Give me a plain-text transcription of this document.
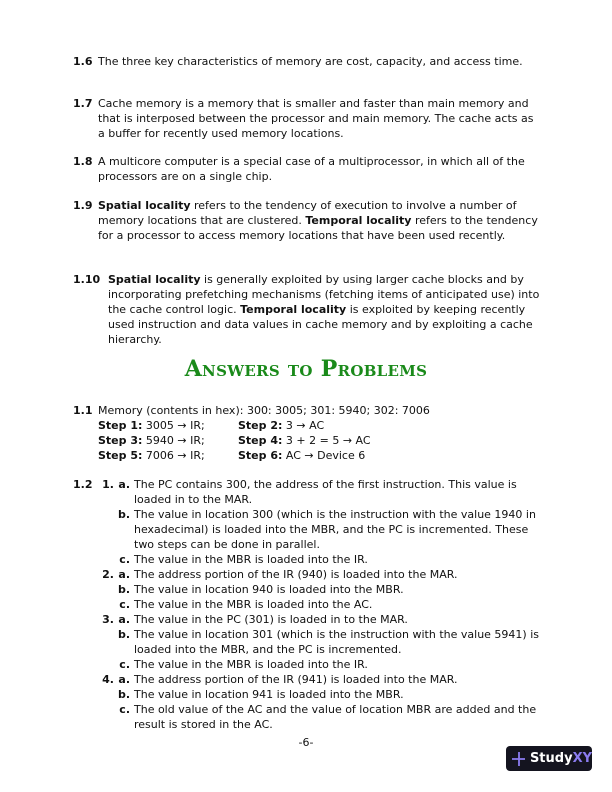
1.6 The three key characteristics of memory are cost, capacity, and access time.
1.7 Cache memory is a memory that is smaller and faster than main memory and that is interposed between the processor and main memory. The cache acts as a buffer for recently used memory locations.
1.8 A multicore computer is a special case of a multiprocessor, in which all of the processors are on a single chip.
1.9 Spatial locality refers to the tendency of execution to involve a number of memory locations that are clustered. Temporal locality refers to the tendency for a processor to access memory locations that have been used recently.
1.10 Spatial locality is generally exploited by using larger cache blocks and by incorporating prefetching mechanisms (fetching items of anticipated use) into the cache control logic. Temporal locality is exploited by keeping recently used instruction and data values in cache memory and by exploiting a cache hierarchy.
Answers to Problems
1.1 Memory (contents in hex): 300: 3005; 301: 5940; 302: 7006
Step 1: 3005 → IR;	Step 2: 3 → AC
Step 3: 5940 → IR;	Step 4: 3 + 2 = 5 → AC
Step 5: 7006 → IR;	Step 6: AC → Device 6
1.2 1. a. The PC contains 300, the address of the first instruction. This value is loaded in to the MAR.
b. The value in location 300 (which is the instruction with the value 1940 in hexadecimal) is loaded into the MBR, and the PC is incremented. These two steps can be done in parallel.
c. The value in the MBR is loaded into the IR.
2. a. The address portion of the IR (940) is loaded into the MAR.
b. The value in location 940 is loaded into the MBR.
c. The value in the MBR is loaded into the AC.
3. a. The value in the PC (301) is loaded in to the MAR.
b. The value in location 301 (which is the instruction with the value 5941) is loaded into the MBR, and the PC is incremented.
c. The value in the MBR is loaded into the IR.
4. a. The address portion of the IR (941) is loaded into the MAR.
b. The value in location 941 is loaded into the MBR.
c. The old value of the AC and the value of location MBR are added and the result is stored in the AC.
-6-
Study XY
